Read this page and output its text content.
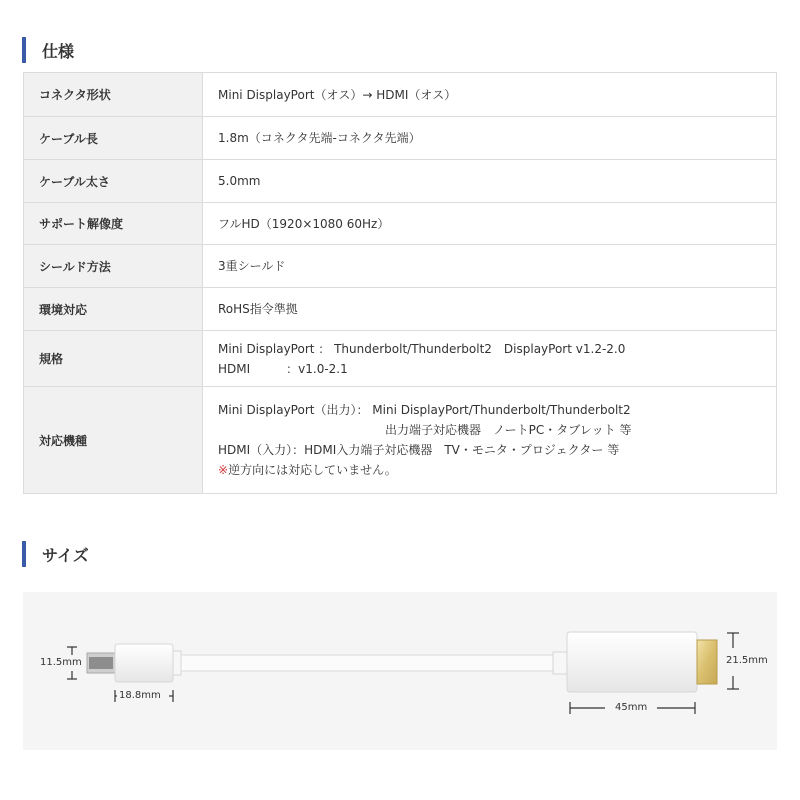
仕様
コネクタ形状	Mini DisplayPort（オス）→ HDMI（オス）

ケーブル長	1.8m（コネクタ先端-コネクタ先端）

ケーブル太さ	5.0mm

サポート解像度	フルHD（1920×1080 60Hz）

シールド方法	3重シールド

環境対応	RoHS指令準拠

規格	Mini DisplayPort ： Thunderbolt/Thunderbolt2　DisplayPort v1.2-2.0
HDMI　　　：v1.0-2.1

対応機種	Mini DisplayPort（出力）： Mini DisplayPort/Thunderbolt/Thunderbolt2
出力端子対応機器　ノートPC・タブレット 等
HDMI（入力）：HDMI入力端子対応機器　TV・モニタ・プロジェクター 等
※逆方向には対応していません。
サイズ
11.5mm
18.8mm
21.5mm
45mm
